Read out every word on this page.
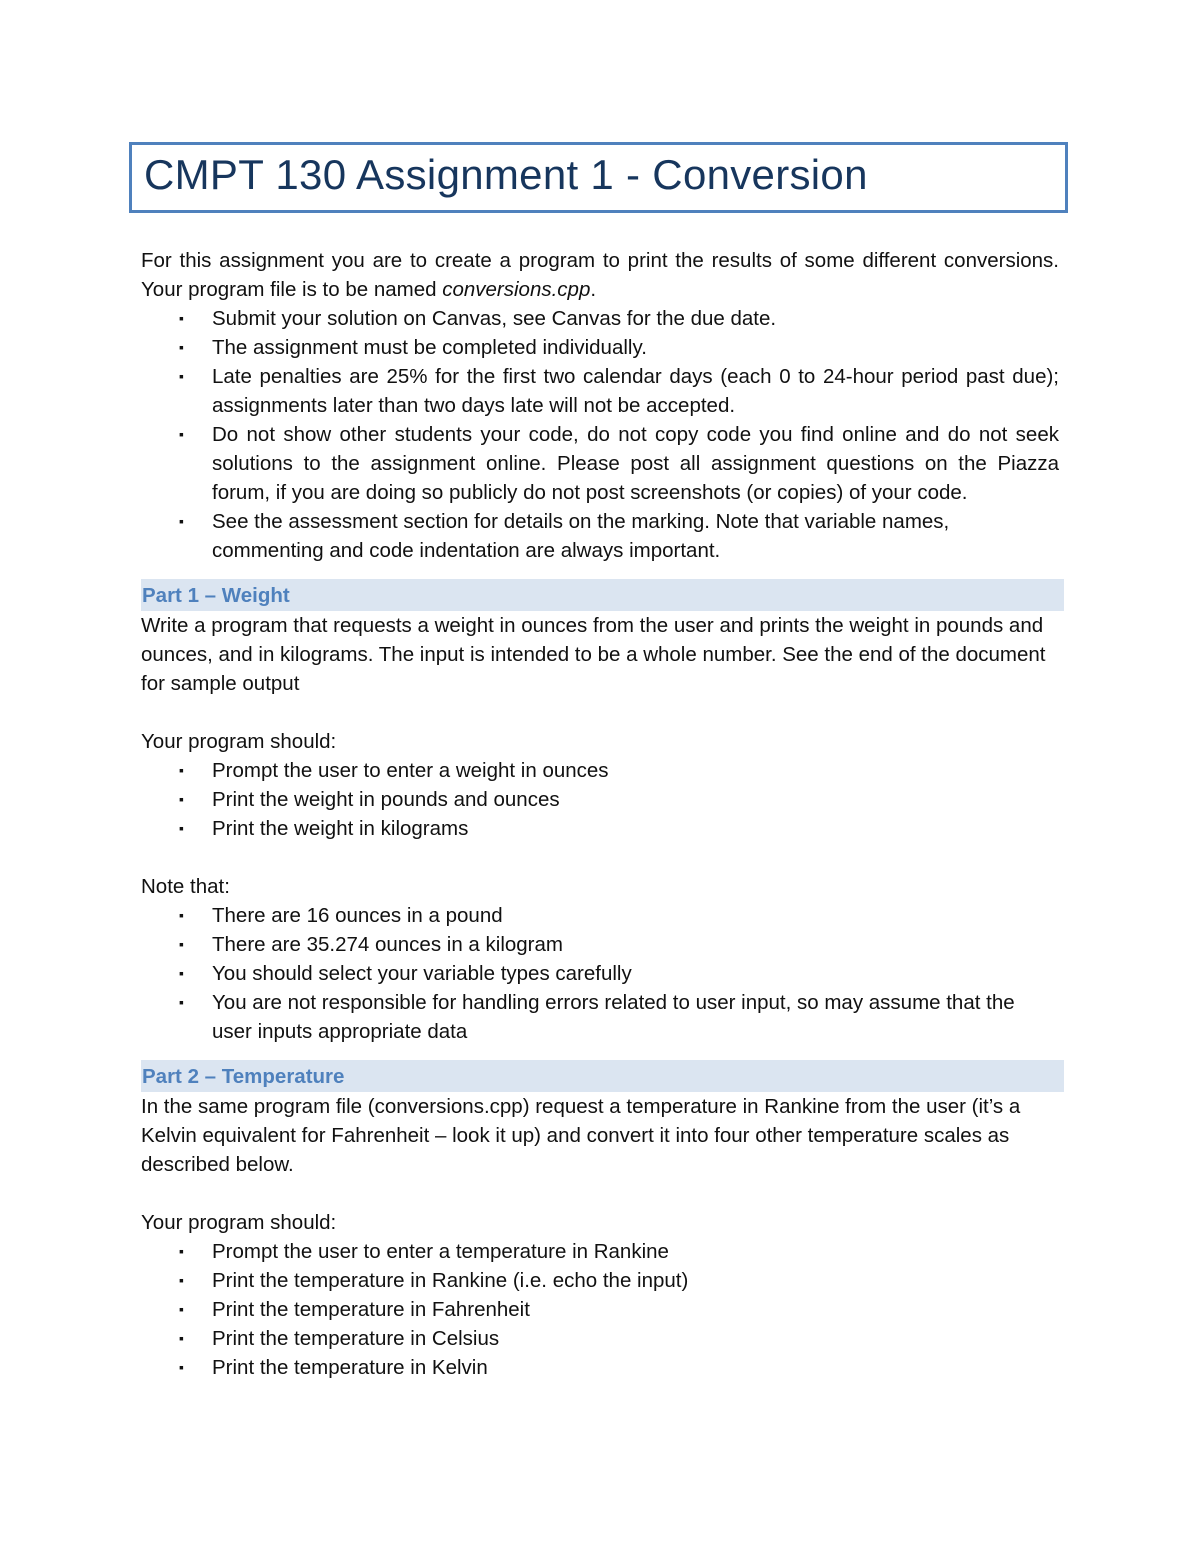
CMPT 130 Assignment 1 - Conversion

For this assignment you are to create a program to print the results of some different conversions. Your program file is to be named conversions.cpp.

▪ Submit your solution on Canvas, see Canvas for the due date.
▪ The assignment must be completed individually.
▪ Late penalties are 25% for the first two calendar days (each 0 to 24-hour period past due); assignments later than two days late will not be accepted.
▪ Do not show other students your code, do not copy code you find online and do not seek solutions to the assignment online. Please post all assignment questions on the Piazza forum, if you are doing so publicly do not post screenshots (or copies) of your code.
▪ See the assessment section for details on the marking. Note that variable names, commenting and code indentation are always important.
Part 1 – Weight

Write a program that requests a weight in ounces from the user and prints the weight in pounds and ounces, and in kilograms. The input is intended to be a whole number. See the end of the document for sample output

Your program should:

▪ Prompt the user to enter a weight in ounces
▪ Print the weight in pounds and ounces
▪ Print the weight in kilograms

Note that:

▪ There are 16 ounces in a pound
▪ There are 35.274 ounces in a kilogram
▪ You should select your variable types carefully
▪ You are not responsible for handling errors related to user input, so may assume that the user inputs appropriate data
Part 2 – Temperature

In the same program file (conversions.cpp) request a temperature in Rankine from the user (it’s a Kelvin equivalent for Fahrenheit – look it up) and convert it into four other temperature scales as described below.

Your program should:

▪ Prompt the user to enter a temperature in Rankine
▪ Print the temperature in Rankine (i.e. echo the input)
▪ Print the temperature in Fahrenheit
▪ Print the temperature in Celsius
▪ Print the temperature in Kelvin
